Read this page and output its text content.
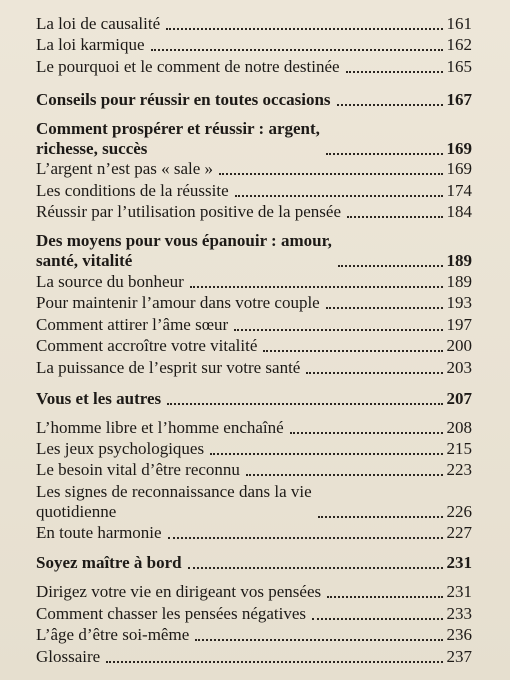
La loi de causalité	161
La loi karmique	162
Le pourquoi et le comment de notre destinée	165
Conseils pour réussir en toutes occasions	167
Comment prospérer et réussir : argent,
richesse, succès	169
L’argent n’est pas « sale »	169
Les conditions de la réussite	174
Réussir par l’utilisation positive de la pensée	184
Des moyens pour vous épanouir : amour,
santé, vitalité	189
La source du bonheur	189
Pour maintenir l’amour dans votre couple	193
Comment attirer l’âme sœur	197
Comment accroître votre vitalité	200
La puissance de l’esprit sur votre santé	203
Vous et les autres	207
L’homme libre et l’homme enchaîné	208
Les jeux psychologiques	215
Le besoin vital d’être reconnu	223
Les signes de reconnaissance dans la vie
quotidienne	226
En toute harmonie	227
Soyez maître à bord	231
Dirigez votre vie en dirigeant vos pensées	231
Comment chasser les pensées négatives	233
L’âge d’être soi-même	236
Glossaire	237
